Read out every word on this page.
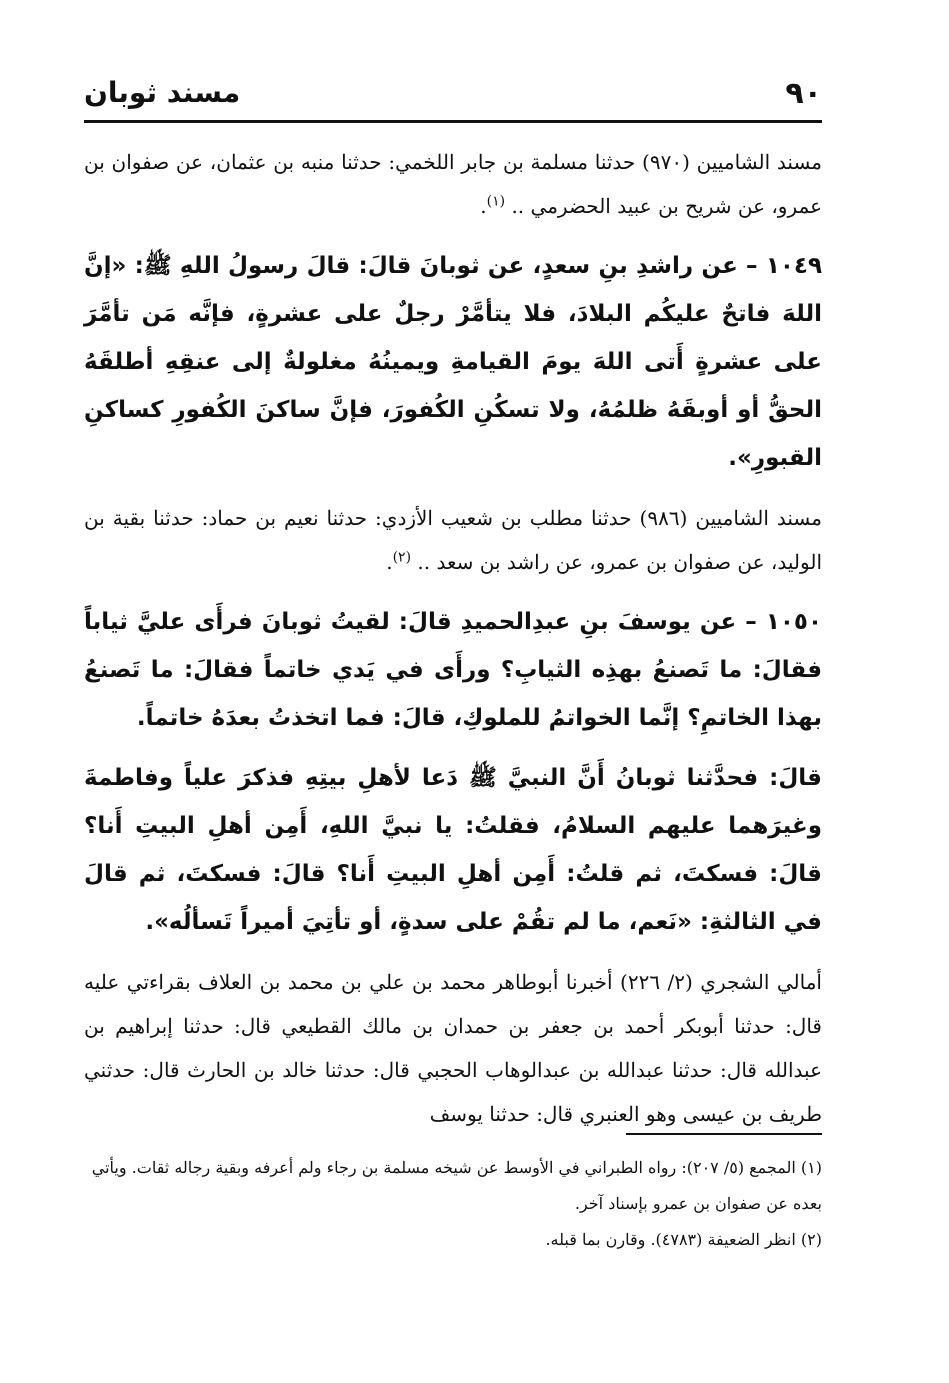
٩٠
مسند ثوبان

مسند الشاميين (٩٧٠) حدثنا مسلمة بن جابر اللخمي: حدثنا منبه بن عثمان، عن صفوان بن عمرو، عن شريح بن عبيد الحضرمي .. $^{(١)}$.

١٠٤٩ – عن راشدِ بنِ سعدٍ، عن ثوبانَ قالَ: قالَ رسولُ اللهِ ﷺ: «إنَّ اللهَ فاتحٌ عليكُم البلادَ، فلا يتأمَّرْ رجلٌ على عشرةٍ، فإنَّه مَن تأمَّرَ على عشرةٍ أَتى اللهَ يومَ القيامةِ ويمينُهُ مغلولةٌ إلى عنقِهِ أطلقَهُ الحقُّ أو أوبقَهُ ظلمُهُ، ولا تسكُنِ الكُفورَ، فإنَّ ساكنَ الكُفورِ كساكنِ القبورِ».

مسند الشاميين (٩٨٦) حدثنا مطلب بن شعيب الأزدي: حدثنا نعيم بن حماد: حدثنا بقية بن الوليد، عن صفوان بن عمرو، عن راشد بن سعد .. $^{(٢)}$.

١٠٥٠ – عن يوسفَ بنِ عبدِالحميدِ قالَ: لقيتُ ثوبانَ فرأَى عليَّ ثياباً فقالَ: ما تَصنعُ بهذِه الثيابِ؟ ورأَى في يَدي خاتماً فقالَ: ما تَصنعُ بهذا الخاتمِ؟ إنَّما الخواتمُ للملوكِ، قالَ: فما اتخذتُ بعدَهُ خاتماً.

قالَ: فحدَّثنا ثوبانُ أَنَّ النبيَّ ﷺ دَعا لأهلِ بيتِهِ فذكرَ علياً وفاطمةَ وغيرَهما عليهم السلامُ، فقلتُ: يا نبيَّ اللهِ، أَمِن أهلِ البيتِ أَنا؟ قالَ: فسكتَ، ثم قلتُ: أَمِن أهلِ البيتِ أَنا؟ قالَ: فسكتَ، ثم قالَ في الثالثةِ: «نَعم، ما لم تقُمْ على سدةٍ، أو تأتِيَ أميراً تَسألُه».

أمالي الشجري (٢/ ٢٢٦) أخبرنا أبوطاهر محمد بن علي بن محمد بن العلاف بقراءتي عليه قال: حدثنا أبوبكر أحمد بن جعفر بن حمدان بن مالك القطيعي قال: حدثنا إبراهيم بن عبدالله قال: حدثنا عبدالله بن عبدالوهاب الحجبي قال: حدثنا خالد بن الحارث قال: حدثني طريف بن عيسى وهو العنبري قال: حدثنا يوسف

(١) المجمع (٥/ ٢٠٧): رواه الطبراني في الأوسط عن شيخه مسلمة بن رجاء ولم أعرفه وبقية رجاله ثقات. ويأتي بعده عن صفوان بن عمرو بإسناد آخر.

(٢) انظر الضعيفة (٤٧٨٣). وقارن بما قبله.
